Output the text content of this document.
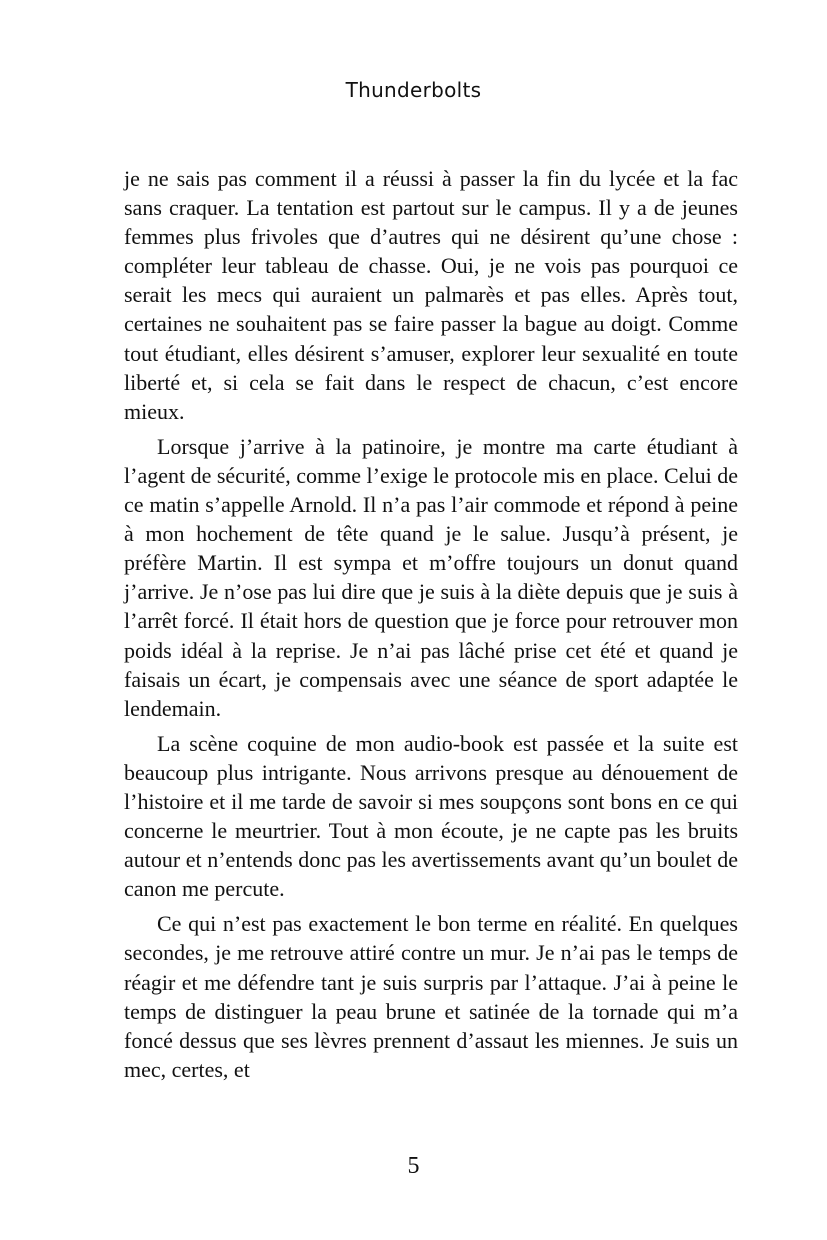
Thunderbolts

je ne sais pas comment il a réussi à passer la fin du lycée et la fac sans craquer. La tentation est partout sur le campus. Il y a de jeunes femmes plus frivoles que d’autres qui ne désirent qu’une chose : compléter leur tableau de chasse. Oui, je ne vois pas pourquoi ce serait les mecs qui auraient un palmarès et pas elles. Après tout, certaines ne souhaitent pas se faire passer la bague au doigt. Comme tout étudiant, elles désirent s’amuser, explorer leur sexualité en toute liberté et, si cela se fait dans le respect de chacun, c’est encore mieux.

Lorsque j’arrive à la patinoire, je montre ma carte étudiant à l’agent de sécurité, comme l’exige le protocole mis en place. Celui de ce matin s’appelle Arnold. Il n’a pas l’air commode et répond à peine à mon hochement de tête quand je le salue. Jusqu’à présent, je préfère Martin. Il est sympa et m’offre toujours un donut quand j’arrive. Je n’ose pas lui dire que je suis à la diète depuis que je suis à l’arrêt forcé. Il était hors de question que je force pour retrouver mon poids idéal à la reprise. Je n’ai pas lâché prise cet été et quand je faisais un écart, je compensais avec une séance de sport adaptée le lendemain.

La scène coquine de mon audio-book est passée et la suite est beaucoup plus intrigante. Nous arrivons presque au dénouement de l’histoire et il me tarde de savoir si mes soupçons sont bons en ce qui concerne le meurtrier. Tout à mon écoute, je ne capte pas les bruits autour et n’entends donc pas les avertissements avant qu’un boulet de canon me percute.

Ce qui n’est pas exactement le bon terme en réalité. En quelques secondes, je me retrouve attiré contre un mur. Je n’ai pas le temps de réagir et me défendre tant je suis surpris par l’attaque. J’ai à peine le temps de distinguer la peau brune et satinée de la tornade qui m’a foncé dessus que ses lèvres prennent d’assaut les miennes. Je suis un mec, certes, et

5
